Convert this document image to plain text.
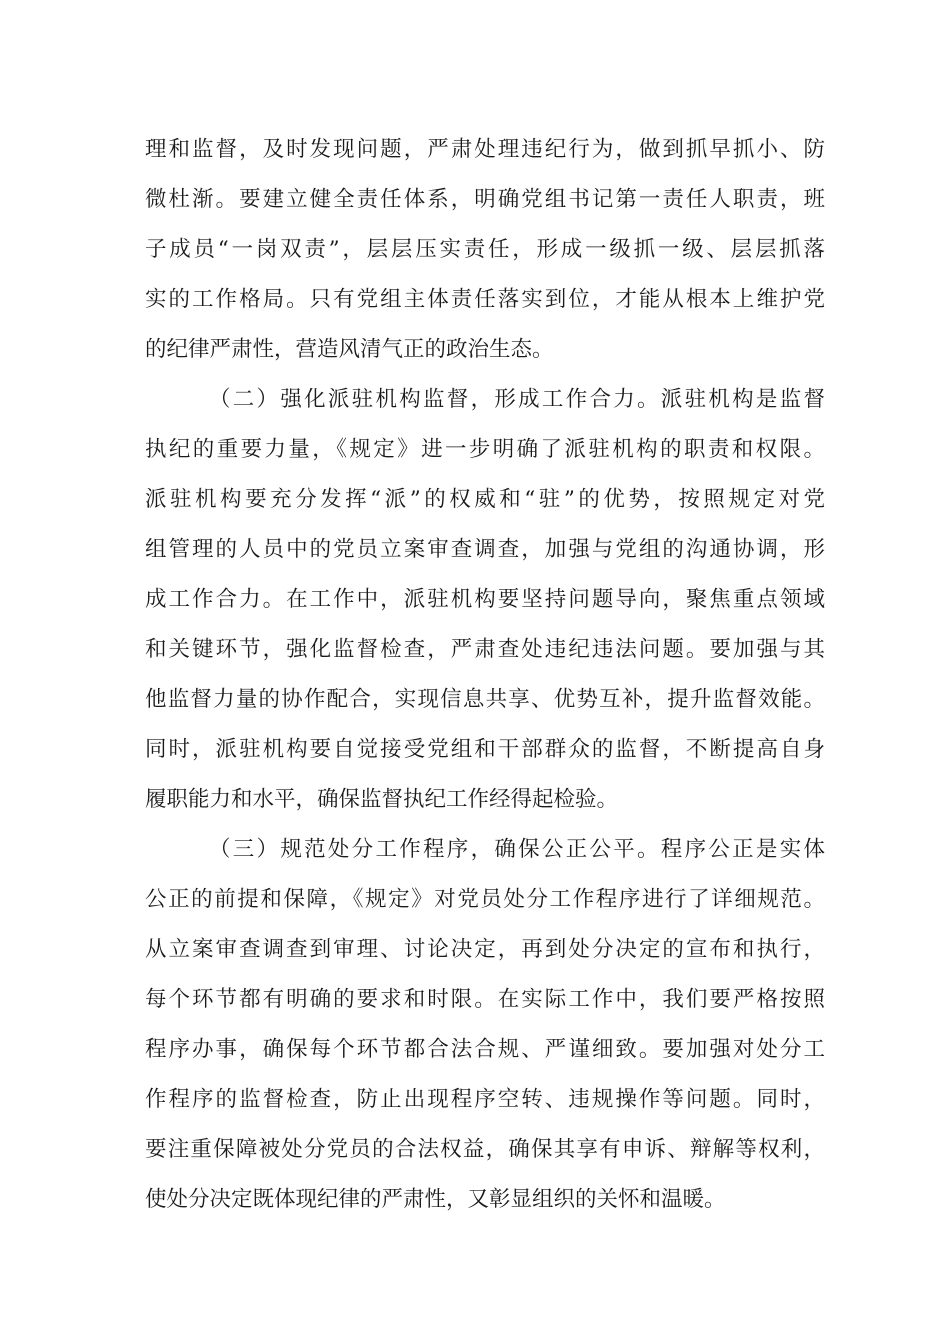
理和监督，及时发现问题，严肃处理违纪行为，做到抓早抓小、防

微杜渐。要建立健全责任体系，明确党组书记第一责任人职责，班

子成员“一岗双责”，层层压实责任，形成一级抓一级、层层抓落

实的工作格局。只有党组主体责任落实到位，才能从根本上维护党

的纪律严肃性，营造风清气正的政治生态。

（二）强化派驻机构监督，形成工作合力。派驻机构是监督

执纪的重要力量，《规定》进一步明确了派驻机构的职责和权限。

派驻机构要充分发挥“派”的权威和“驻”的优势，按照规定对党

组管理的人员中的党员立案审查调查，加强与党组的沟通协调，形

成工作合力。在工作中，派驻机构要坚持问题导向，聚焦重点领域

和关键环节，强化监督检查，严肃查处违纪违法问题。要加强与其

他监督力量的协作配合，实现信息共享、优势互补，提升监督效能。

同时，派驻机构要自觉接受党组和干部群众的监督，不断提高自身

履职能力和水平，确保监督执纪工作经得起检验。

（三）规范处分工作程序，确保公正公平。程序公正是实体

公正的前提和保障，《规定》对党员处分工作程序进行了详细规范。

从立案审查调查到审理、讨论决定，再到处分决定的宣布和执行，

每个环节都有明确的要求和时限。在实际工作中，我们要严格按照

程序办事，确保每个环节都合法合规、严谨细致。要加强对处分工

作程序的监督检查，防止出现程序空转、违规操作等问题。同时，

要注重保障被处分党员的合法权益，确保其享有申诉、辩解等权利，

使处分决定既体现纪律的严肃性，又彰显组织的关怀和温暖。
